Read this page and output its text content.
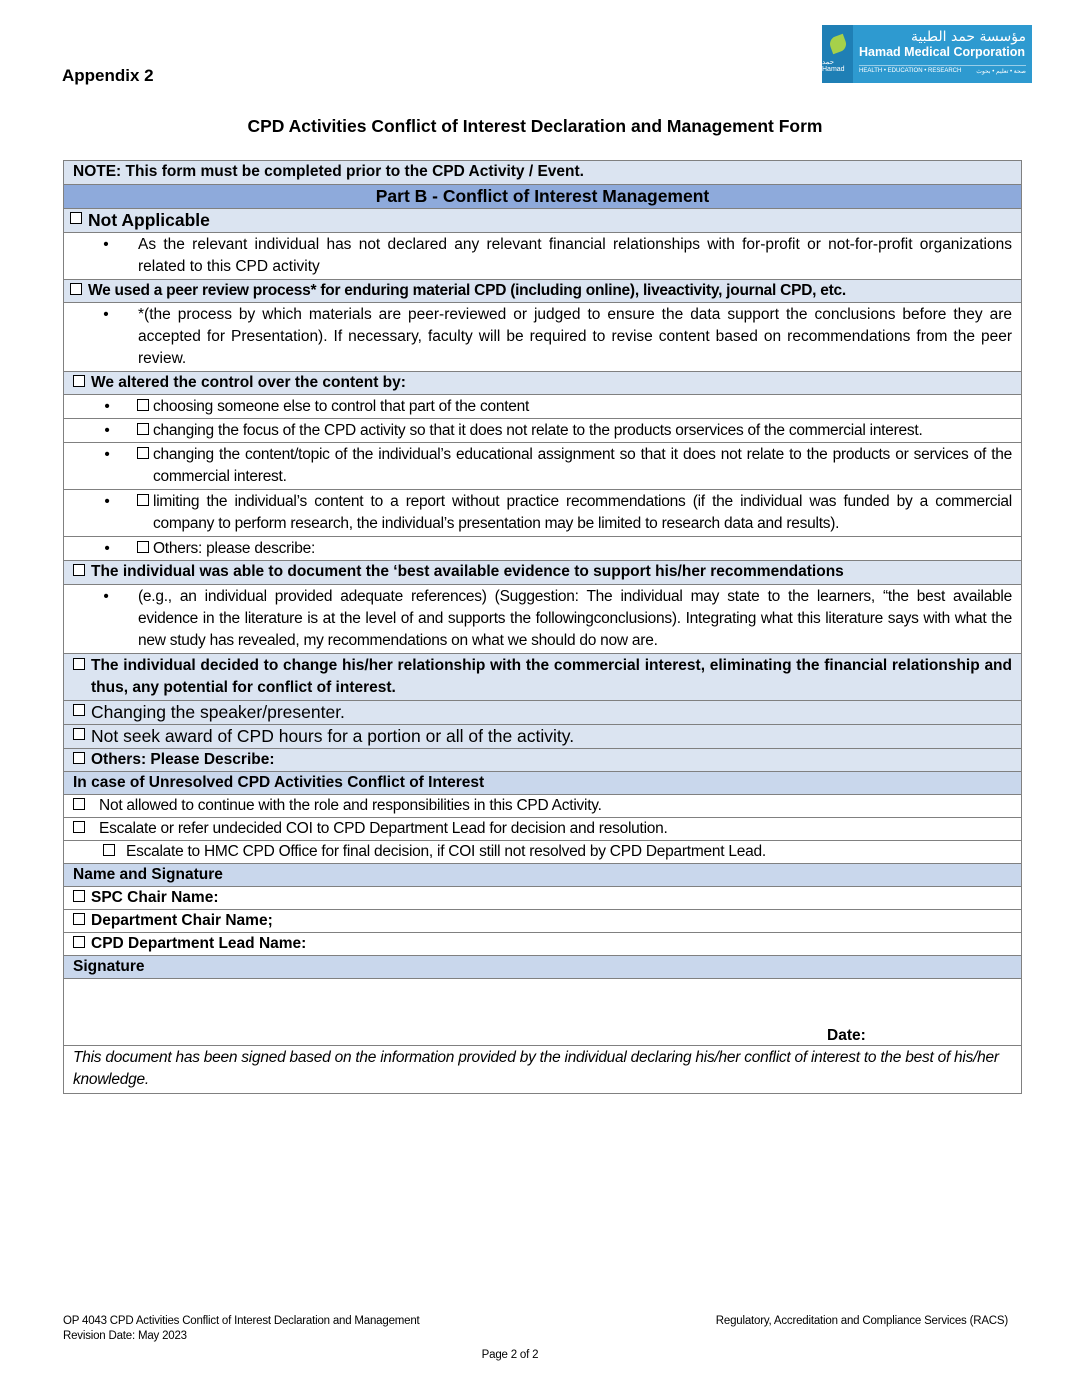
Appendix 2
حمد Hamad
مؤسسة حمد الطبية
Hamad Medical Corporation
HEALTH • EDUCATION • RESEARCH صحة • تعليم • بحوث
CPD Activities Conflict of Interest Declaration and Management Form
NOTE: This form must be completed prior to the CPD Activity / Event.
Part B - Conflict of Interest Management
Not Applicable
•	As the relevant individual has not declared any relevant financial relationships with for-profit or not-for-profit organizations related to this CPD activity
We used a peer review process* for enduring material CPD (including online), liveactivity, journal CPD, etc.
•	*(the process by which materials are peer-reviewed or judged to ensure the data support the conclusions before they are accepted for Presentation). If necessary, faculty will be required to revise content based on recommendations from the peer review.
We altered the control over the content by:
•	choosing someone else to control that part of the content
•	changing the focus of the CPD activity so that it does not relate to the products orservices of the commercial interest.
•	changing the content/topic of the individual’s educational assignment so that it does not relate to the products or services of the commercial interest.
•	limiting the individual’s content to a report without practice recommendations (if the individual was funded by a commercial company to perform research, the individual’s presentation may be limited to research data and results).
•	Others: please describe:
The individual was able to document the ‘best available evidence to support his/her recommendations
•	(e.g., an individual provided adequate references) (Suggestion: The individual may state to the learners, “the best available evidence in the literature is at the level of and supports the followingconclusions). Integrating what this literature says with what the new study has revealed, my recommendations on what we should do now are.
The individual decided to change his/her relationship with the commercial interest, eliminating the financial relationship and thus, any potential for conflict of interest.
Changing the speaker/presenter.
Not seek award of CPD hours for a portion or all of the activity.
Others: Please Describe:
In case of Unresolved CPD Activities Conflict of Interest
Not allowed to continue with the role and responsibilities in this CPD Activity.
Escalate or refer undecided COI to CPD Department Lead for decision and resolution.
Escalate to HMC CPD Office for final decision, if COI still not resolved by CPD Department Lead.
Name and Signature
SPC Chair Name:
Department Chair Name;
CPD Department Lead Name:
Signature
Date:
This document has been signed based on the information provided by the individual declaring his/her conflict of interest to the best of his/her knowledge.
OP 4043 CPD Activities Conflict of Interest Declaration and Management
Revision Date: May 2023
Regulatory, Accreditation and Compliance Services (RACS)
Page 2 of 2
